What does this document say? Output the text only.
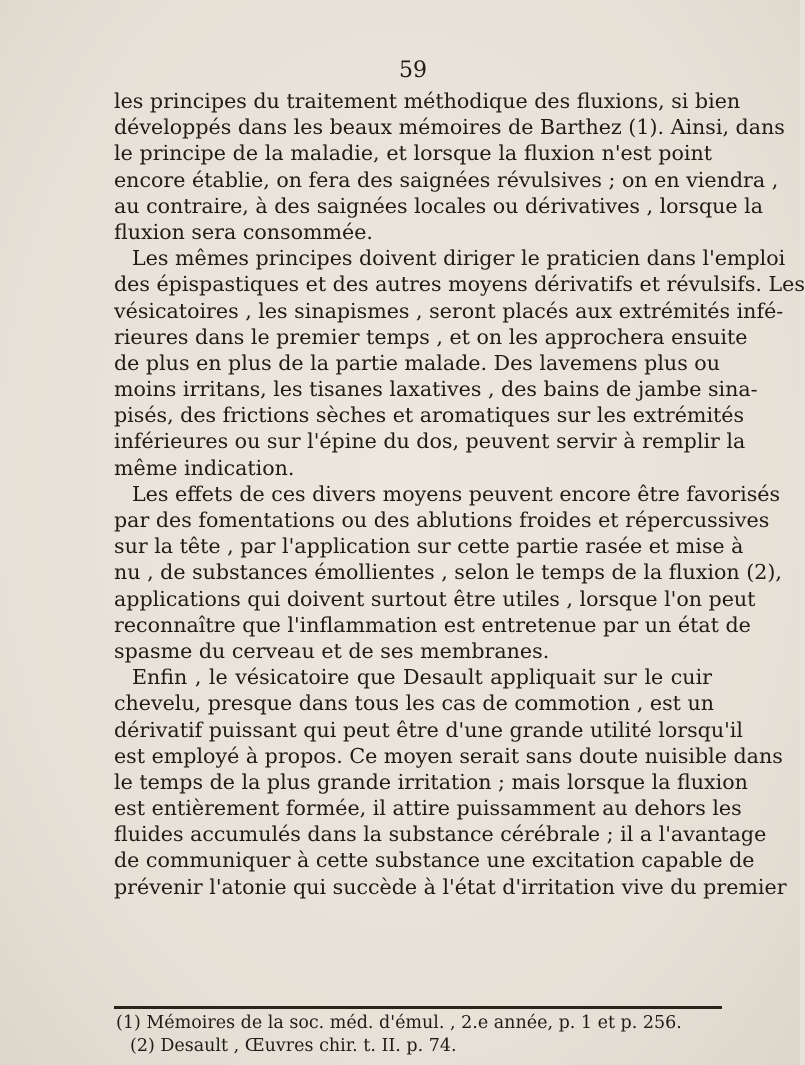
59
les principes du traitement méthodique des fluxions, si bien
développés dans les beaux mémoires de Barthez (1). Ainsi, dans
le principe de la maladie, et lorsque la fluxion n'est point
encore établie, on fera des saignées révulsives ; on en viendra ,
au contraire, à des saignées locales ou dérivatives , lorsque la
fluxion sera consommée.
Les mêmes principes doivent diriger le praticien dans l'emploi
des épispastiques et des autres moyens dérivatifs et révulsifs. Les
vésicatoires , les sinapismes , seront placés aux extrémités infé-
rieures dans le premier temps , et on les approchera ensuite
de plus en plus de la partie malade. Des lavemens plus ou
moins irritans, les tisanes laxatives , des bains de jambe sina-
pisés, des frictions sèches et aromatiques sur les extrémités
inférieures ou sur l'épine du dos, peuvent servir à remplir la
même indication.
Les effets de ces divers moyens peuvent encore être favorisés
par des fomentations ou des ablutions froides et répercussives
sur la tête , par l'application sur cette partie rasée et mise à
nu , de substances émollientes , selon le temps de la fluxion (2),
applications qui doivent surtout être utiles , lorsque l'on peut
reconnaître que l'inflammation est entretenue par un état de
spasme du cerveau et de ses membranes.
Enfin , le vésicatoire que Desault appliquait sur le cuir
chevelu, presque dans tous les cas de commotion , est un
dérivatif puissant qui peut être d'une grande utilité lorsqu'il
est employé à propos. Ce moyen serait sans doute nuisible dans
le temps de la plus grande irritation ; mais lorsque la fluxion
est entièrement formée, il attire puissamment au dehors les
fluides accumulés dans la substance cérébrale ; il a l'avantage
de communiquer à cette substance une excitation capable de
prévenir l'atonie qui succède à l'état d'irritation vive du premier
(1) Mémoires de la soc. méd. d'émul. , 2.e année, p. 1 et p. 256.
(2) Desault , Œuvres chir. t. II. p. 74.
